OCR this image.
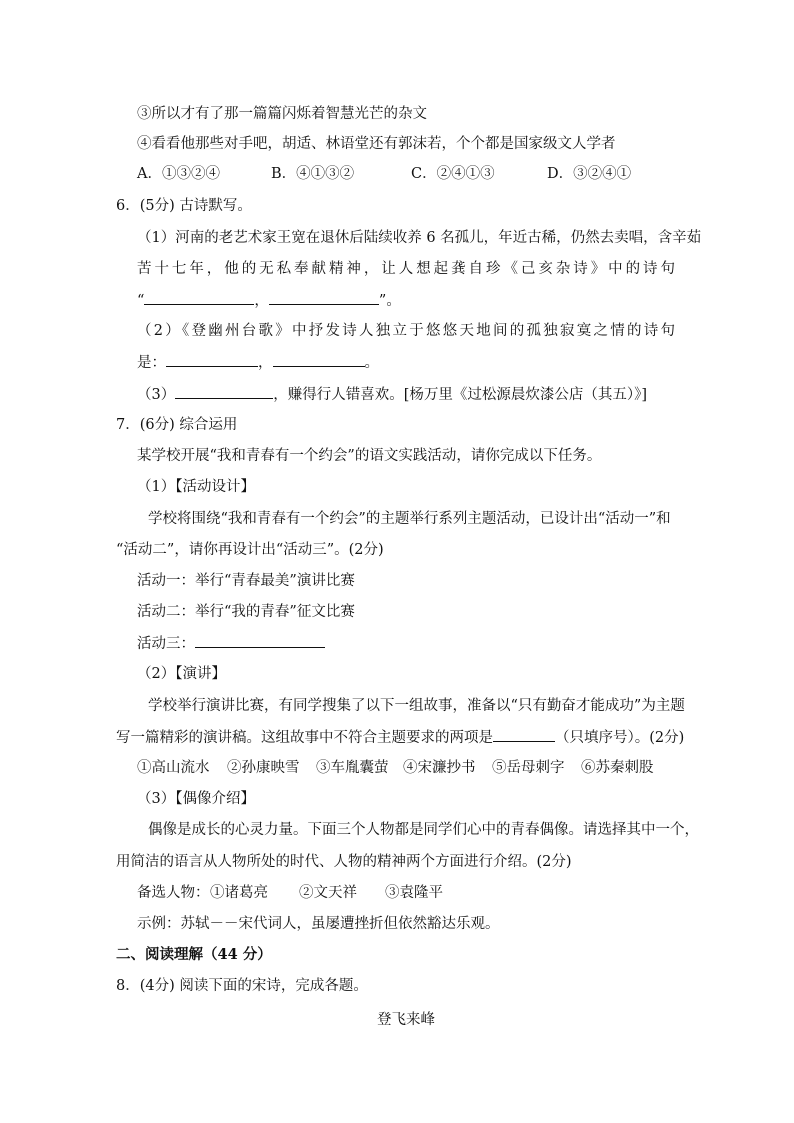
③所以才有了那一篇篇闪烁着智慧光芒的杂文
④看看他那些对手吧，胡适、林语堂还有郭沫若，个个都是国家级文人学者
A．①③②④	B．④①③②	C．②④①③	D．③②④①
6．(5分) 古诗默写。
（1）河南的老艺术家王宽在退休后陆续收养 6 名孤儿，年近古稀，仍然去卖唱，含辛茹
苦十七年，他的无私奉献精神，让人想起龚自珍《己亥杂诗》中的诗句
“	，	”。
（2）《登幽州台歌》中抒发诗人独立于悠悠天地间的孤独寂寞之情的诗句
是：	，	。
（3）	，赚得行人错喜欢。[杨万里《过松源晨炊漆公店（其五）》]
7．(6分) 综合运用
某学校开展“我和青春有一个约会”的语文实践活动，请你完成以下任务。
（1）【活动设计】
学校将围绕“我和青春有一个约会”的主题举行系列主题活动，已设计出“活动一”和
“活动二”，请你再设计出“活动三”。(2分)
活动一：举行“青春最美”演讲比赛
活动二：举行“我的青春”征文比赛
活动三：
（2）【演讲】
学校举行演讲比赛，有同学搜集了以下一组故事，准备以“只有勤奋才能成功”为主题
写一篇精彩的演讲稿。这组故事中不符合主题要求的两项是	（只填序号）。(2分)
①高山流水 ②孙康映雪 ③车胤囊萤 ④宋濂抄书 ⑤岳母刺字 ⑥苏秦刺股
（3）【偶像介绍】
偶像是成长的心灵力量。下面三个人物都是同学们心中的青春偶像。请选择其中一个，
用简洁的语言从人物所处的时代、人物的精神两个方面进行介绍。(2分)
备选人物： ①诸葛亮 ②文天祥 ③袁隆平
示例：苏轼－－宋代词人，虽屡遭挫折但依然豁达乐观。
二、阅读理解（44 分）
8．(4分) 阅读下面的宋诗，完成各题。
登飞来峰
